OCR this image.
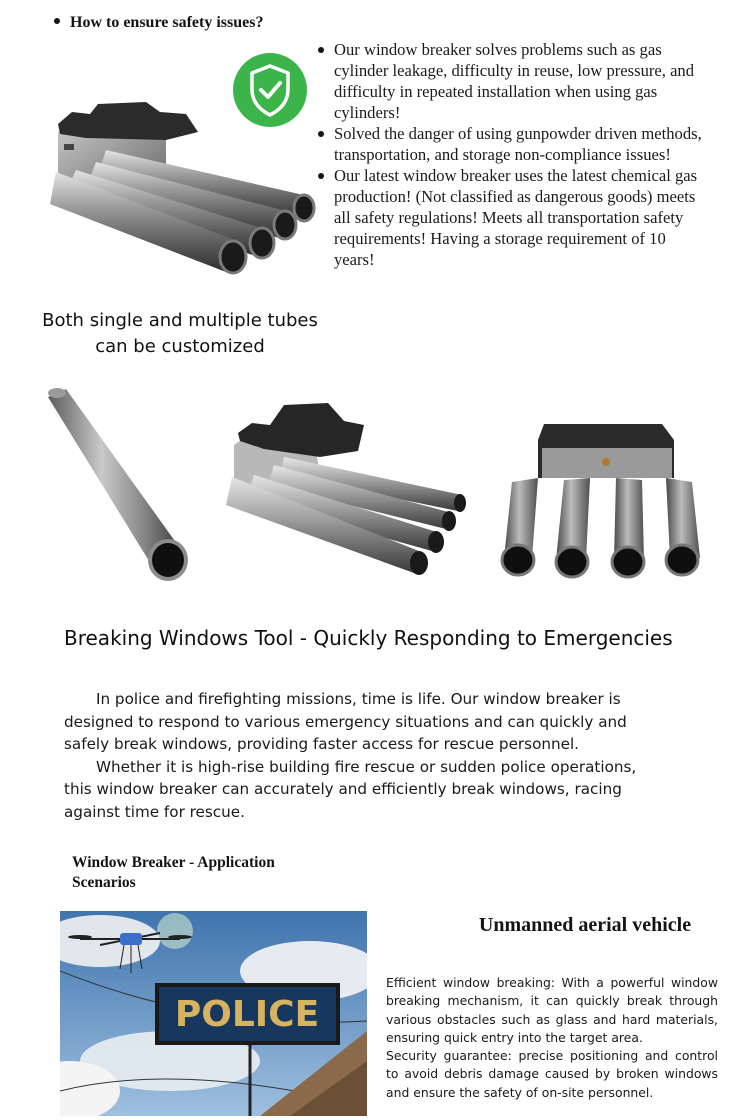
How to ensure safety issues?
Our window breaker solves problems such as gas cylinder leakage, difficulty in reuse, low pressure, and difficulty in repeated installation when using gas cylinders!
Solved the danger of using gunpowder driven methods, transportation, and storage non-compliance issues!
Our latest window breaker uses the latest chemical gas production! (Not classified as dangerous goods) meets all safety regulations! Meets all transportation safety requirements! Having a storage requirement of 10 years!

Both single and multiple tubes can be customized

Breaking Windows Tool - Quickly Responding to Emergencies

In police and firefighting missions, time is life. Our window breaker is designed to respond to various emergency situations and can quickly and safely break windows, providing faster access for rescue personnel.

Whether it is high-rise building fire rescue or sudden police operations, this window breaker can accurately and efficiently break windows, racing against time for rescue.

Window Breaker - Application Scenarios
POLICE
Unmanned aerial vehicle

Efficient window breaking: With a powerful window breaking mechanism, it can quickly break through various obstacles such as glass and hard materials, ensuring quick entry into the target area.

Security guarantee: precise positioning and control to avoid debris damage caused by broken windows and ensure the safety of on-site personnel.
